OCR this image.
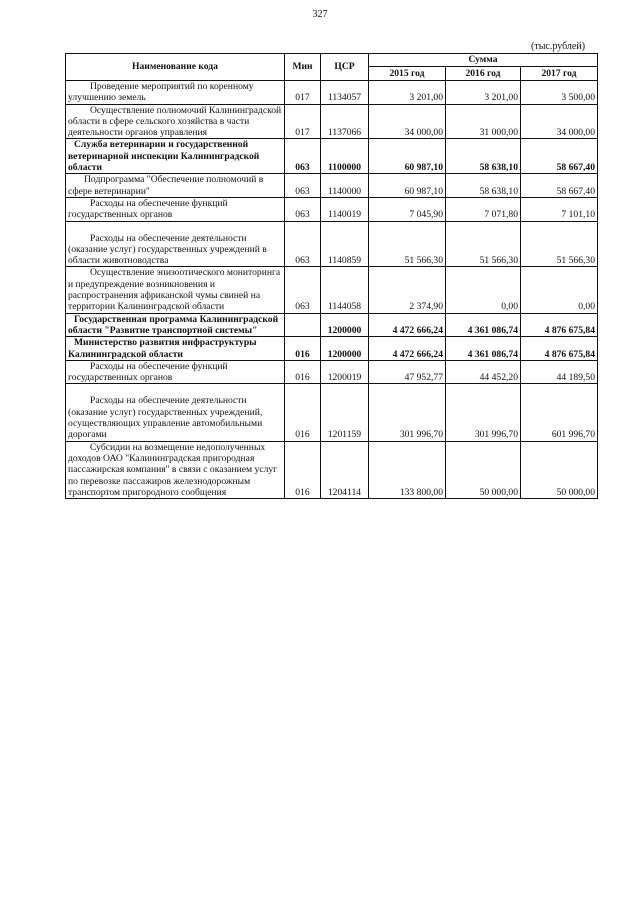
327
(тыс.рублей)
Наименование кода	Мин	ЦСР	Сумма		
			2015 год	2016 год	2017 год

Проведение мероприятий по коренному улучшению земель	017	1134057	3 201,00	3 201,00	3 500,00

Осуществление полномочий Калининградской области в сфере сельского хозяйства в части деятельности органов управления	017	1137066	34 000,00	31 000,00	34 000,00

Служба ветеринарии и государственной ветеринарной инспекции Калининградской области	063	1100000	60 987,10	58 638,10	58 667,40

Подпрограмма "Обеспечение полномочий в сфере ветеринарии"	063	1140000	60 987,10	58 638,10	58 667,40

Расходы на обеспечение функций государственных органов	063	1140019	7 045,90	7 071,80	7 101,10

Расходы на обеспечение деятельности (оказание услуг) государственных учреждений в области животноводства	063	1140859	51 566,30	51 566,30	51 566,30

Осуществление эпизоотического мониторинга и предупреждение возникновения и распространения африканской чумы свиней на территории Калининградской области	063	1144058	2 374,90	0,00	0,00

Государственная программа Калининградской области "Развитие транспортной системы"		1200000	4 472 666,24	4 361 086,74	4 876 675,84

Министерство развития инфраструктуры Калининградской области	016	1200000	4 472 666,24	4 361 086,74	4 876 675,84

Расходы на обеспечение функций государственных органов	016	1200019	47 952,77	44 452,20	44 189,50

Расходы на обеспечение деятельности (оказание услуг) государственных учреждений, осуществляющих управление автомобильными дорогами	016	1201159	301 996,70	301 996,70	601 996,70

Субсидии на возмещение недополученных доходов ОАО "Калининградская пригородная пассажирская компания" в связи с оказанием услуг по перевозке пассажиров железнодорожным транспортом пригородного сообщения	016	1204114	133 800,00	50 000,00	50 000,00
